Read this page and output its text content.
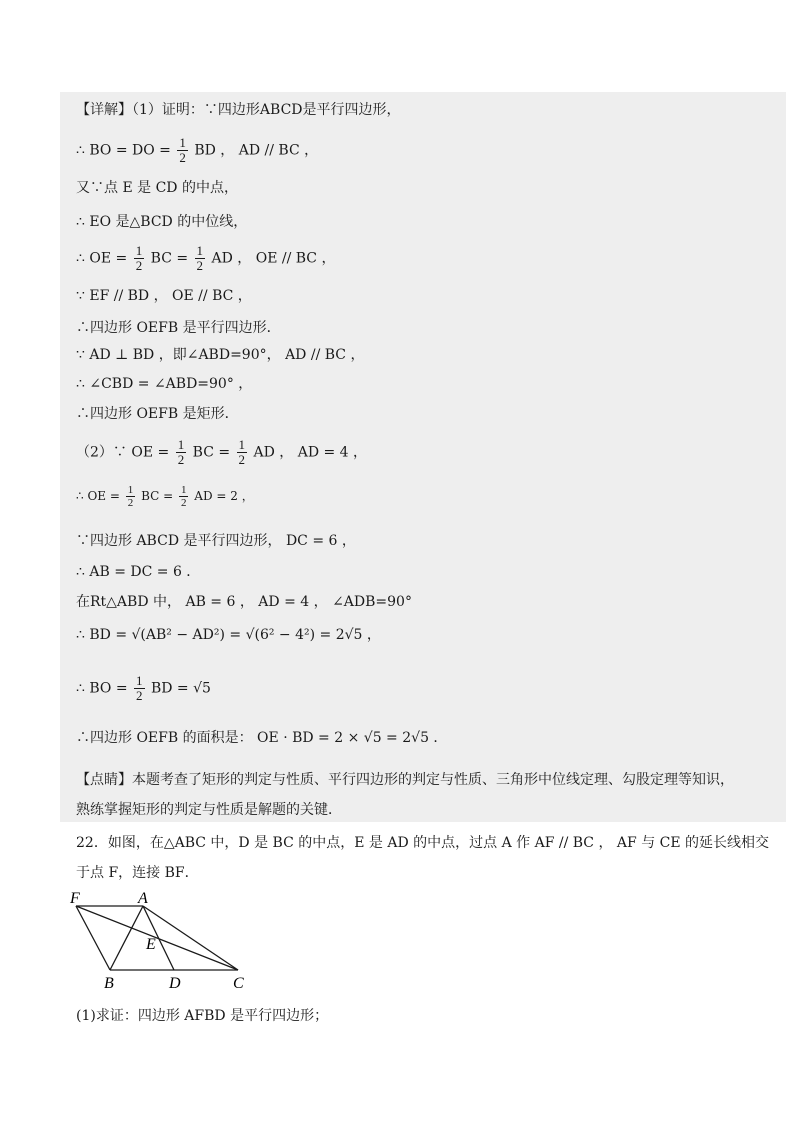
【详解】（1）证明：∵四边形ABCD是平行四边形，
∴ BO = DO = $\frac{1}{2}$ BD ， AD // BC ，
又∵点 E 是 CD 的中点，
∴ EO 是△BCD 的中位线，
∴ OE = $\frac{1}{2}$ BC = $\frac{1}{2}$ AD ， OE // BC ，
∵ EF // BD ， OE // BC ，
∴四边形 OEFB 是平行四边形．
∵ AD ⊥ BD ，即∠ABD=90°， AD // BC ，
∴ ∠CBD = ∠ABD=90° ，
∴四边形 OEFB 是矩形．
（2）∵ OE = $\frac{1}{2}$ BC = $\frac{1}{2}$ AD ， AD = 4 ，
∴ OE = $\frac{1}{2}$ BC = $\frac{1}{2}$ AD = 2 ，
∵四边形 ABCD 是平行四边形， DC = 6 ，
∴ AB = DC = 6 ．
在Rt△ABD 中， AB = 6 ， AD = 4 ， ∠ADB=90°
∴ BD = √(AB² − AD²) = √(6² − 4²) = 2√5 ，
∴ BO = $\frac{1}{2}$ BD = √5
∴四边形 OEFB 的面积是： OE · BD = 2 × √5 = 2√5 ．
【点睛】本题考查了矩形的判定与性质、平行四边形的判定与性质、三角形中位线定理、勾股定理等知识，
熟练掌握矩形的判定与性质是解题的关键．
22．如图，在△ABC 中，D 是 BC 的中点，E 是 AD 的中点，过点 A 作 AF // BC ， AF 与 CE 的延长线相交
于点 F，连接 BF．
F	A
E
B	D	C
(1)求证：四边形 AFBD 是平行四边形；
